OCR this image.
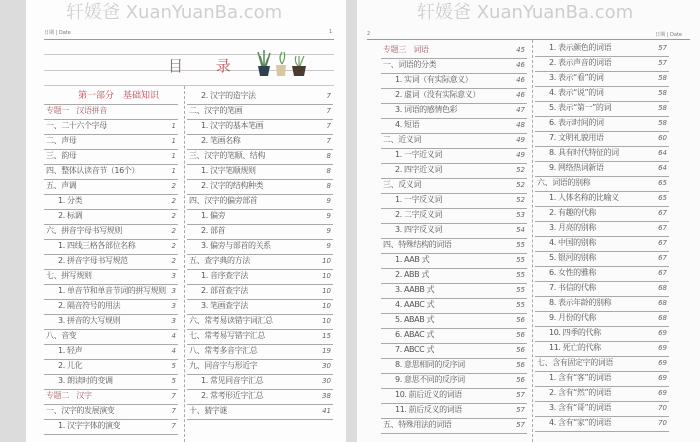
轩媛爸 XuanYuanBa.com
日期 | Date	1
目 录
第一部分　基础知识
专题一　汉语拼音
一、二十六个字母	1
二、声母	1
三、韵母	1
四、整体认读音节（16个）	1
五、声调	2
1. 分类	2
2. 标调	2
六、拼音字母书写规则	2
1. 四线三格各部位名称	2
2. 拼音字母书写规范	2
七、拼写规则	3
1. 单音节和单音节词的拼写规则 3
2. 隔音符号的用法	3
3. 拼音的大写规则	3
八、音变	4
1. 轻声	4
2. 儿化	5
3. 朗读时的变调	5
专题二　汉字	7
一、汉字的发展演变	7
1. 汉字字体的演变	7
2. 汉字的造字法	7
二、汉字的笔画	7
1. 汉字的基本笔画	7
2. 笔画名称	7
三、汉字的笔顺、结构	8
1. 汉字笔顺规则	8
2. 汉字的结构种类	8
四、汉字的偏旁部首	9
1. 偏旁	9
2. 部首	9
3. 偏旁与部首的关系	9
五、查字典的方法	10
1. 音序查字法	10
2. 部首查字法	10
3. 笔画查字法	10
六、常考易读错字词汇总	10
七、常考易写错字汇总	15
八、常考多音字汇总	19
九、同音字与形近字	30
1. 常见同音字汇总	30
2. 常考形近字汇总	38
十、猜字谜	41
轩媛爸 XuanYuanBa.com
2	日期 | Date
专题三　词语	45
一、词语的分类	46
1. 实词（有实际意义）	46
2. 虚词（没有实际意义）	46
3. 词语的感情色彩	47
4. 短语	48
二、近义词	49
1. 一字近义词	49
2. 四字近义词	52
三、反义词	52
1. 一字反义词	52
2. 二字反义词	53
3. 四字反义词	54
四、特殊结构的词语	55
1. AAB 式	55
2. ABB 式	55
3. AABB 式	55
4. AABC 式	55
5. ABAB 式	56
6. ABAC 式	56
7. ABCC 式	56
8. 意思相同的反序词	56
9. 意思不同的反序词	56
10. 前后近义的词语	57
11. 前后反义的词语	57
五、特殊用法的词语	57
1. 表示颜色的词语	57
2. 表示声音的词语	57
3. 表示“看”的词	58
4. 表示“说”的词	58
5. 表示“第一”的词	58
6. 表示时间的词	58
7. 文明礼貌用语	60
8. 具有时代特征的词	64
9. 网络热词新语	64
六、词语的别称	65
1. 人体名称的比喻义	65
2. 有趣的代称	67
3. 月亮的别称	67
4. 中国的别称	67
5. 银河的别称	67
6. 女性的雅称	67
7. 书信的代称	68
8. 表示年龄的别称	68
9. 月份的代称	68
10. 四季的代称	69
11. 死亡的代称	69
七、含有固定字的词语	69
1. 含有“客”的词语	69
2. 含有“然”的词语	69
3. 含有“哥”的词语	70
4. 含有“家”的词语	70
